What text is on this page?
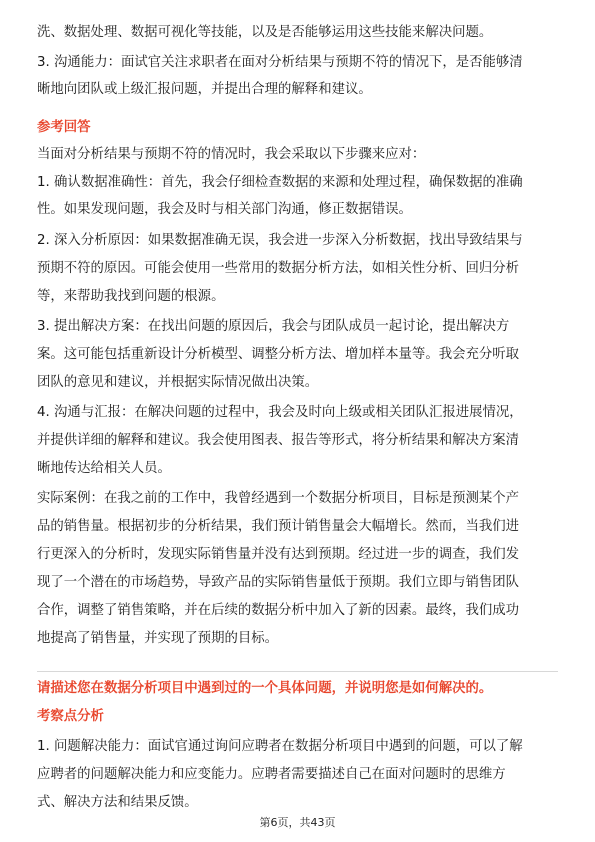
洗、数据处理、数据可视化等技能，以及是否能够运用这些技能来解决问题。
3. 沟通能力：面试官关注求职者在面对分析结果与预期不符的情况下，是否能够清
晰地向团队或上级汇报问题，并提出合理的解释和建议。
参考回答
当面对分析结果与预期不符的情况时，我会采取以下步骤来应对：
1. 确认数据准确性：首先，我会仔细检查数据的来源和处理过程，确保数据的准确
性。如果发现问题，我会及时与相关部门沟通，修正数据错误。
2. 深入分析原因：如果数据准确无误，我会进一步深入分析数据，找出导致结果与
预期不符的原因。可能会使用一些常用的数据分析方法，如相关性分析、回归分析
等，来帮助我找到问题的根源。
3. 提出解决方案：在找出问题的原因后，我会与团队成员一起讨论，提出解决方
案。这可能包括重新设计分析模型、调整分析方法、增加样本量等。我会充分听取
团队的意见和建议，并根据实际情况做出决策。
4. 沟通与汇报：在解决问题的过程中，我会及时向上级或相关团队汇报进展情况，
并提供详细的解释和建议。我会使用图表、报告等形式，将分析结果和解决方案清
晰地传达给相关人员。
实际案例：在我之前的工作中，我曾经遇到一个数据分析项目，目标是预测某个产
品的销售量。根据初步的分析结果，我们预计销售量会大幅增长。然而，当我们进
行更深入的分析时，发现实际销售量并没有达到预期。经过进一步的调查，我们发
现了一个潜在的市场趋势，导致产品的实际销售量低于预期。我们立即与销售团队
合作，调整了销售策略，并在后续的数据分析中加入了新的因素。最终，我们成功
地提高了销售量，并实现了预期的目标。
请描述您在数据分析项目中遇到过的一个具体问题，并说明您是如何解决的。
考察点分析
1. 问题解决能力：面试官通过询问应聘者在数据分析项目中遇到的问题，可以了解
应聘者的问题解决能力和应变能力。应聘者需要描述自己在面对问题时的思维方
式、解决方法和结果反馈。
第6页，共43页
